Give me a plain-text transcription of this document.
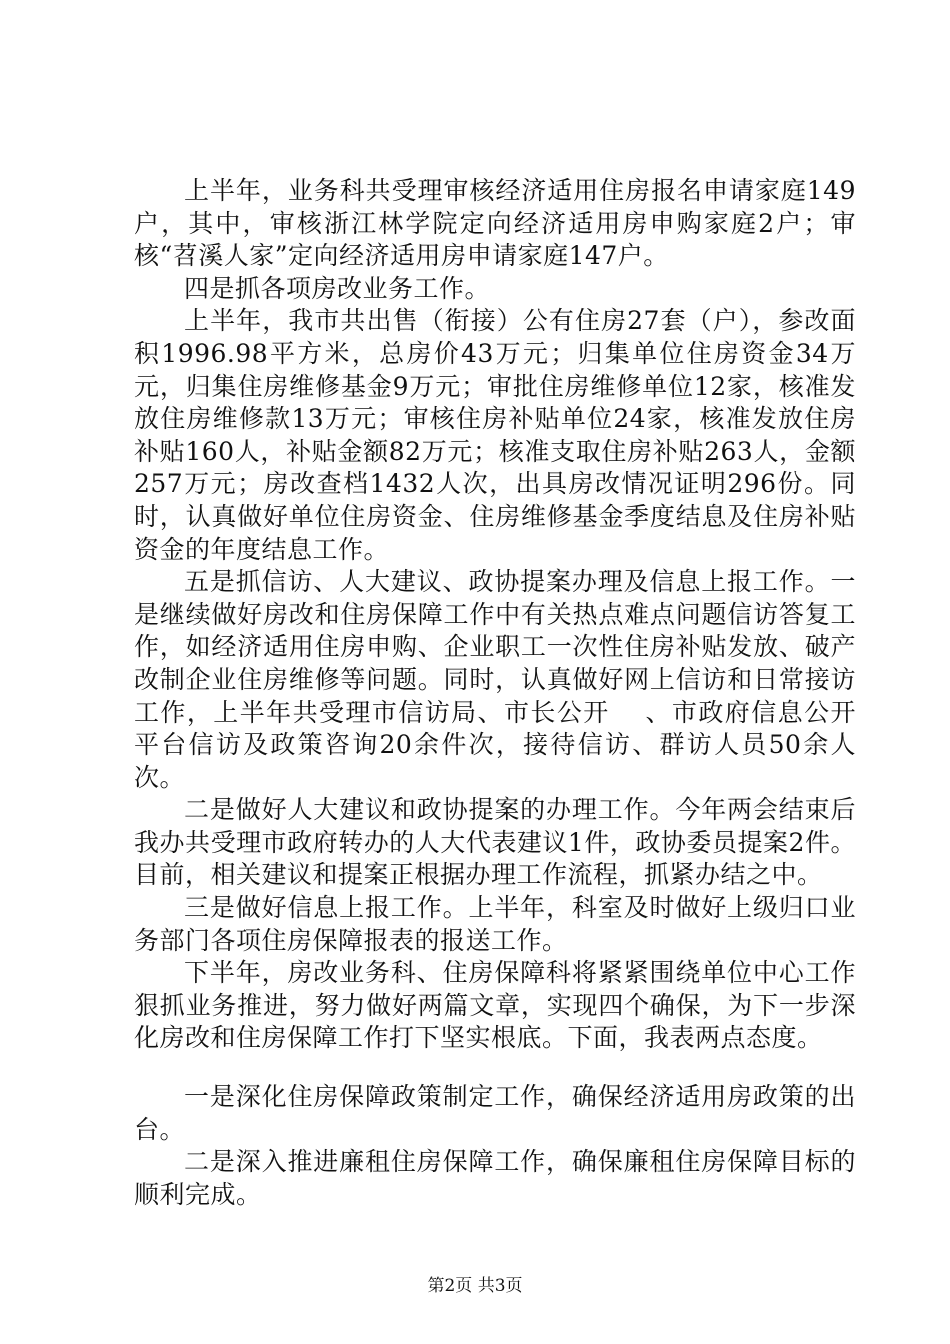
上半年，业务科共受理审核经济适用住房报名申请家庭149户，其中，审核浙江林学院定向经济适用房申购家庭2户；审核“苕溪人家”定向经济适用房申请家庭147户。

四是抓各项房改业务工作。

上半年，我市共出售（衔接）公有住房27套（户），参改面积1996.98平方米，总房价43万元；归集单位住房资金34万元，归集住房维修基金9万元；审批住房维修单位12家，核准发放住房维修款13万元；审核住房补贴单位24家，核准发放住房补贴160人，补贴金额82万元；核准支取住房补贴263人，金额257万元；房改查档1432人次，出具房改情况证明296份。同时，认真做好单位住房资金、住房维修基金季度结息及住房补贴资金的年度结息工作。

五是抓信访、人大建议、政协提案办理及信息上报工作。一是继续做好房改和住房保障工作中有关热点难点问题信访答复工作，如经济适用住房申购、企业职工一次性住房补贴发放、破产改制企业住房维修等问题。同时，认真做好网上信访和日常接访工作，上半年共受理市信访局、市长公开　 、市政府信息公开平台信访及政策咨询20余件次，接待信访、群访人员50余人次。

二是做好人大建议和政协提案的办理工作。今年两会结束后我办共受理市政府转办的人大代表建议1件，政协委员提案2件。目前，相关建议和提案正根据办理工作流程，抓紧办结之中。

三是做好信息上报工作。上半年，科室及时做好上级归口业务部门各项住房保障报表的报送工作。

下半年，房改业务科、住房保障科将紧紧围绕单位中心工作狠抓业务推进，努力做好两篇文章，实现四个确保，为下一步深化房改和住房保障工作打下坚实根底。下面，我表两点态度。

一是深化住房保障政策制定工作，确保经济适用房政策的出台。

二是深入推进廉租住房保障工作，确保廉租住房保障目标的顺利完成。

第2页 共3页
